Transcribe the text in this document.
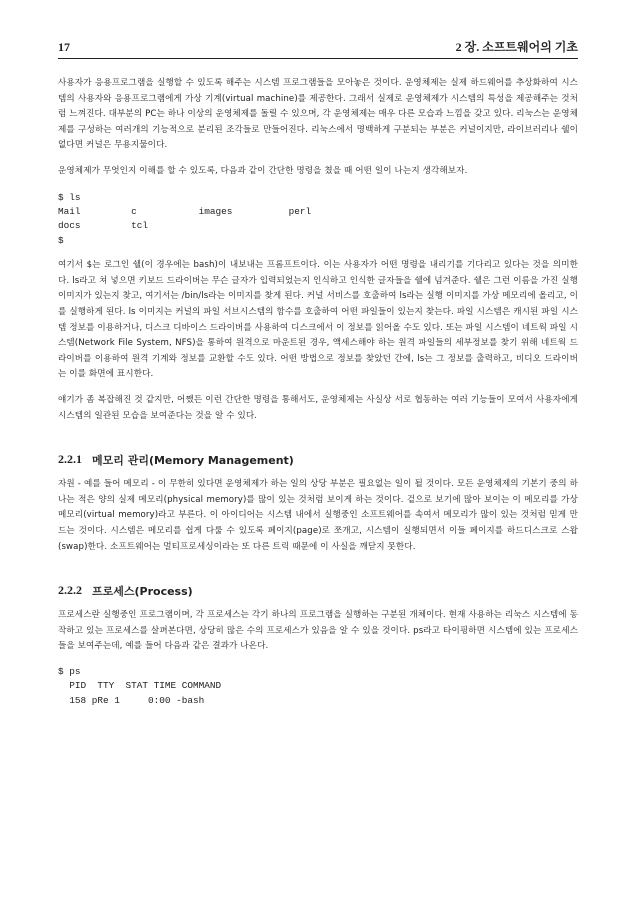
17	2 장. 소프트웨어의 기초

사용자가 응용프로그램을 실행할 수 있도록 해주는 시스템 프로그램들을 모아놓은 것이다. 운영체제는 실제 하드웨어를 추상화하여 시스템의 사용자와 응용프로그램에게 가상 기계(virtual machine)를 제공한다. 그래서 실제로 운영체제가 시스템의 특성을 제공해주는 것처럼 느껴진다. 대부분의 PC는 하나 이상의 운영체제를 돌릴 수 있으며, 각 운영체제는 매우 다른 모습과 느낌을 갖고 있다. 리눅스는 운영체제를 구성하는 여러개의 기능적으로 분리된 조각들로 만들어진다. 리눅스에서 명백하게 구분되는 부분은 커널이지만, 라이브러리나 쉘이 없다면 커널은 무용지물이다.

운영체제가 무엇인지 이해를 할 수 있도록, 다음과 같이 간단한 명령을 쳤을 때 어떤 일이 나는지 생각해보자.

$ ls
Mail         c           images          perl
docs         tcl
$

여기서 $는 로그인 쉘(이 경우에는 bash)이 내보내는 프롬프트이다. 이는 사용자가 어떤 명령을 내리기를 기다리고 있다는 것을 의미한다. ls라고 쳐 넣으면 키보드 드라이버는 무슨 글자가 입력되었는지 인식하고 인식한 글자들을 쉘에 넘겨준다. 쉘은 그런 이름을 가진 실행 이미지가 있는지 찾고, 여기서는 /bin/ls라는 이미지를 찾게 된다. 커널 서비스를 호출하여 ls라는 실행 이미지를 가상 메모리에 올리고, 이를 실행하게 된다. ls 이미지는 커널의 파일 서브시스템의 함수를 호출하여 어떤 파일들이 있는지 찾는다. 파일 시스템은 캐시된 파일 시스템 정보를 이용하거나, 디스크 디바이스 드라이버를 사용하여 디스크에서 이 정보를 읽어올 수도 있다. 또는 파일 시스템이 네트웍 파일 시스템(Network File System, NFS)을 통하여 원격으로 마운트된 경우, 액세스해야 하는 원격 파일들의 세부정보를 찾기 위해 네트웍 드라이버를 이용하여 원격 기계와 정보를 교환할 수도 있다. 어떤 방법으로 정보를 찾았던 간에, ls는 그 정보를 출력하고, 비디오 드라이버는 이를 화면에 표시한다.

얘기가 좀 복잡해진 것 같지만, 어쨌든 이런 간단한 명령을 통해서도, 운영체제는 사실상 서로 협동하는 여러 기능들이 모여서 사용자에게 시스템의 일관된 모습을 보여준다는 것을 알 수 있다.

2.2.1 메모리 관리(Memory Management)

자원 - 예를 들어 메모리 - 이 무한히 있다면 운영체제가 하는 일의 상당 부분은 필요없는 일이 될 것이다. 모든 운영체제의 기본기 중의 하나는 적은 양의 실제 메모리(physical memory)를 많이 있는 것처럼 보이게 하는 것이다. 겉으로 보기에 많아 보이는 이 메모리를 가상 메모리(virtual memory)라고 부른다. 이 아이디어는 시스템 내에서 실행중인 소프트웨어를 속여서 메모리가 많이 있는 것처럼 믿게 만드는 것이다. 시스템은 메모리를 쉽게 다룰 수 있도록 페이지(page)로 쪼개고, 시스템이 실행되면서 이들 페이지를 하드디스크로 스왑(swap)한다. 소프트웨어는 멀티프로세싱이라는 또 다른 트릭 때문에 이 사실을 깨닫지 못한다.

2.2.2 프로세스(Process)

프로세스란 실행중인 프로그램이며, 각 프로세스는 각기 하나의 프로그램을 실행하는 구분된 개체이다. 현재 사용하는 리눅스 시스템에 동작하고 있는 프로세스를 살펴본다면, 상당히 많은 수의 프로세스가 있음을 알 수 있을 것이다. ps라고 타이핑하면 시스템에 있는 프로세스들을 보여주는데, 예를 들어 다음과 같은 결과가 나온다.

$ ps
PID  TTY  STAT TIME COMMAND
158 pRe 1     0:00 -bash
